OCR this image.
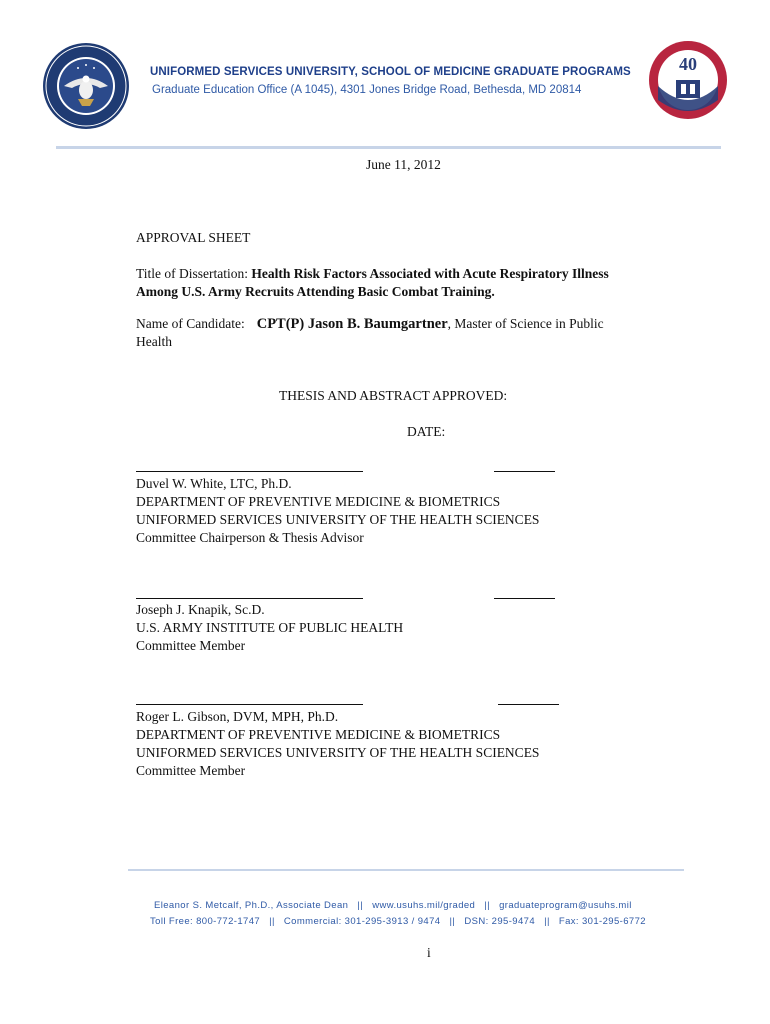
UNIFORMED SERVICES UNIVERSITY, SCHOOL OF MEDICINE GRADUATE PROGRAMS
Graduate Education Office (A 1045), 4301 Jones Bridge Road, Bethesda, MD 20814
40
June 11, 2012
APPROVAL SHEET
Title of Dissertation: Health Risk Factors Associated with Acute Respiratory Illness
Among U.S. Army Recruits Attending Basic Combat Training.
Name of Candidate: CPT(P) Jason B. Baumgartner, Master of Science in Public
Health
THESIS AND ABSTRACT APPROVED:
DATE:
Duvel W. White, LTC, Ph.D.
DEPARTMENT OF PREVENTIVE MEDICINE & BIOMETRICS
UNIFORMED SERVICES UNIVERSITY OF THE HEALTH SCIENCES
Committee Chairperson & Thesis Advisor
Joseph J. Knapik, Sc.D.
U.S. ARMY INSTITUTE OF PUBLIC HEALTH
Committee Member
Roger L. Gibson, DVM, MPH, Ph.D.
DEPARTMENT OF PREVENTIVE MEDICINE & BIOMETRICS
UNIFORMED SERVICES UNIVERSITY OF THE HEALTH SCIENCES
Committee Member
Eleanor S. Metcalf, Ph.D., Associate Dean || www.usuhs.mil/graded || graduateprogram@usuhs.mil
Toll Free: 800-772-1747 || Commercial: 301-295-3913 / 9474 || DSN: 295-9474 || Fax: 301-295-6772
i
